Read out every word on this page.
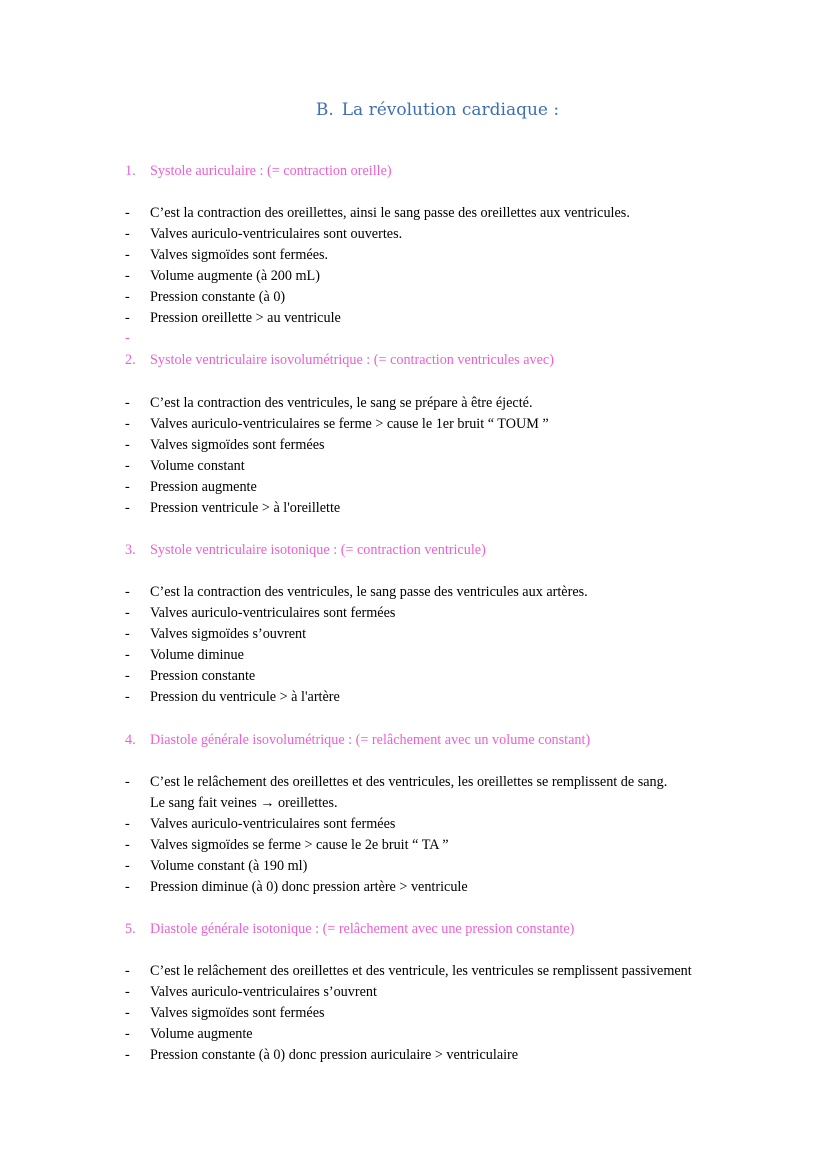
B. La révolution cardiaque :
1. Systole auriculaire : (= contraction oreille)
- C’est la contraction des oreillettes, ainsi le sang passe des oreillettes aux ventricules.
- Valves auriculo-ventriculaires sont ouvertes.
- Valves sigmoïdes sont fermées.
- Volume augmente (à 200 mL)
- Pression constante (à 0)
- Pression oreillette > au ventricule
-
2. Systole ventriculaire isovolumétrique : (= contraction ventricules avec)
- C’est la contraction des ventricules, le sang se prépare à être éjecté.
- Valves auriculo-ventriculaires se ferme > cause le 1er bruit “ TOUM ”
- Valves sigmoïdes sont fermées
- Volume constant
- Pression augmente
- Pression ventricule > à l'oreillette
3. Systole ventriculaire isotonique : (= contraction ventricule)
- C’est la contraction des ventricules, le sang passe des ventricules aux artères.
- Valves auriculo-ventriculaires sont fermées
- Valves sigmoïdes s’ouvrent
- Volume diminue
- Pression constante
- Pression du ventricule > à l'artère
4. Diastole générale isovolumétrique : (= relâchement avec un volume constant)
- C’est le relâchement des oreillettes et des ventricules, les oreillettes se remplissent de sang.
Le sang fait veines → oreillettes.
- Valves auriculo-ventriculaires sont fermées
- Valves sigmoïdes se ferme > cause le 2e bruit “ TA ”
- Volume constant (à 190 ml)
- Pression diminue (à 0) donc pression artère > ventricule
5. Diastole générale isotonique : (= relâchement avec une pression constante)
- C’est le relâchement des oreillettes et des ventricule, les ventricules se remplissent passivement
- Valves auriculo-ventriculaires s’ouvrent
- Valves sigmoïdes sont fermées
- Volume augmente
- Pression constante (à 0) donc pression auriculaire > ventriculaire
